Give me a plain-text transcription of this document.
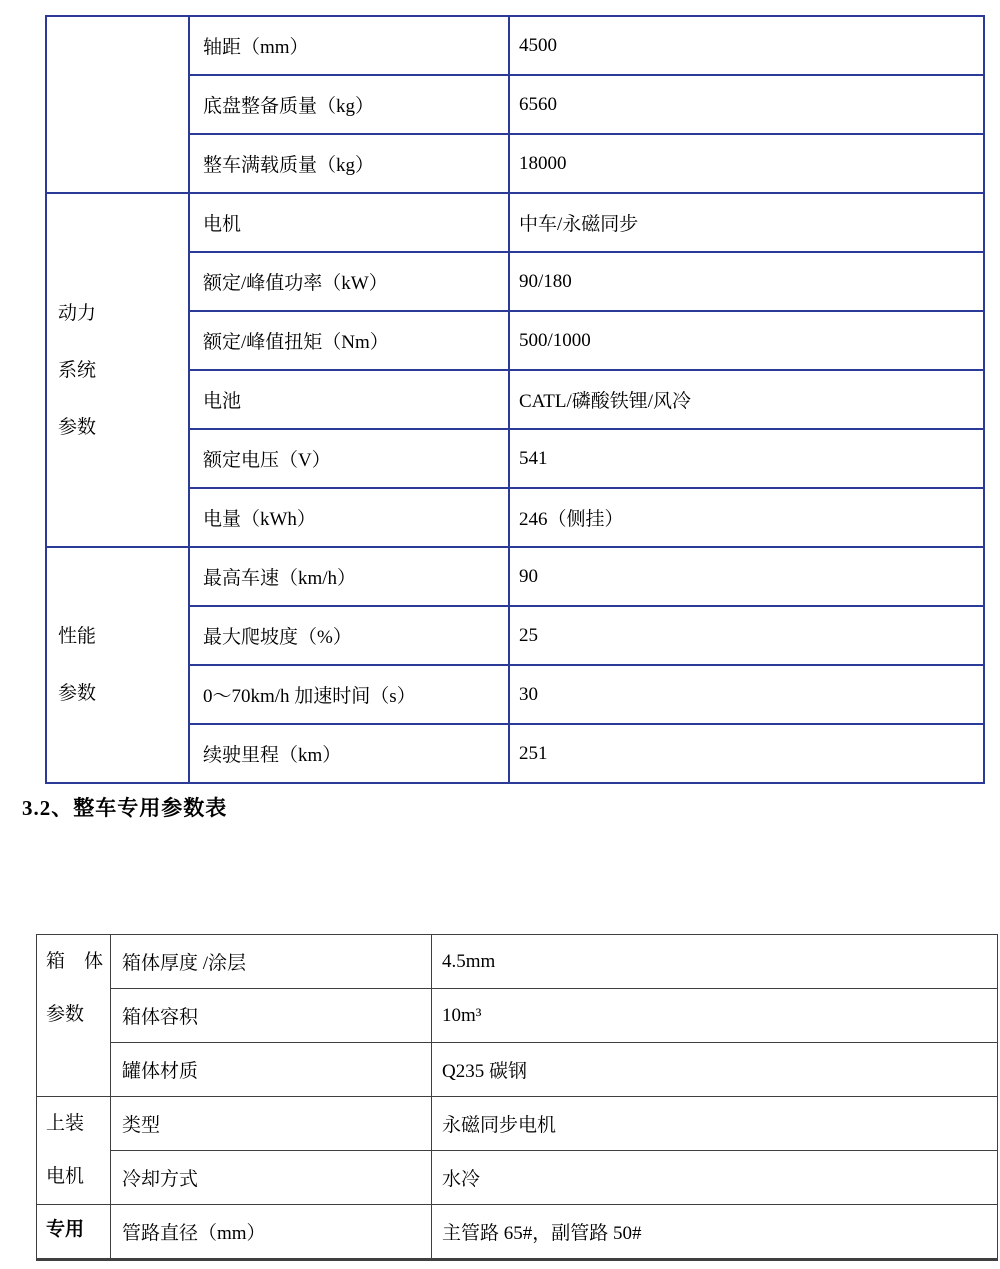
	轴距（mm）	4500
	底盘整备质量（kg）	6560
	整车满载质量（kg）	18000

动力
系统
参数	电机	中车/永磁同步
	额定/峰值功率（kW）	90/180
	额定/峰值扭矩（Nm）	500/1000
	电池	CATL/磷酸铁锂/风冷
	额定电压（V）	541
	电量（kWh）	246（侧挂）

性能
参数	最高车速（km/h）	90
	最大爬坡度（%）	25
	0～70km/h 加速时间（s）	30
	续驶里程（km）	251
3.2、整车专用参数表
箱　体
参数	箱体厚度 /涂层	4.5mm
	箱体容积	10m³
	罐体材质	Q235 碳钢

上装
电机	类型	永磁同步电机
	冷却方式	水冷

专用	管路直径（mm）	主管路 65#，副管路 50#
